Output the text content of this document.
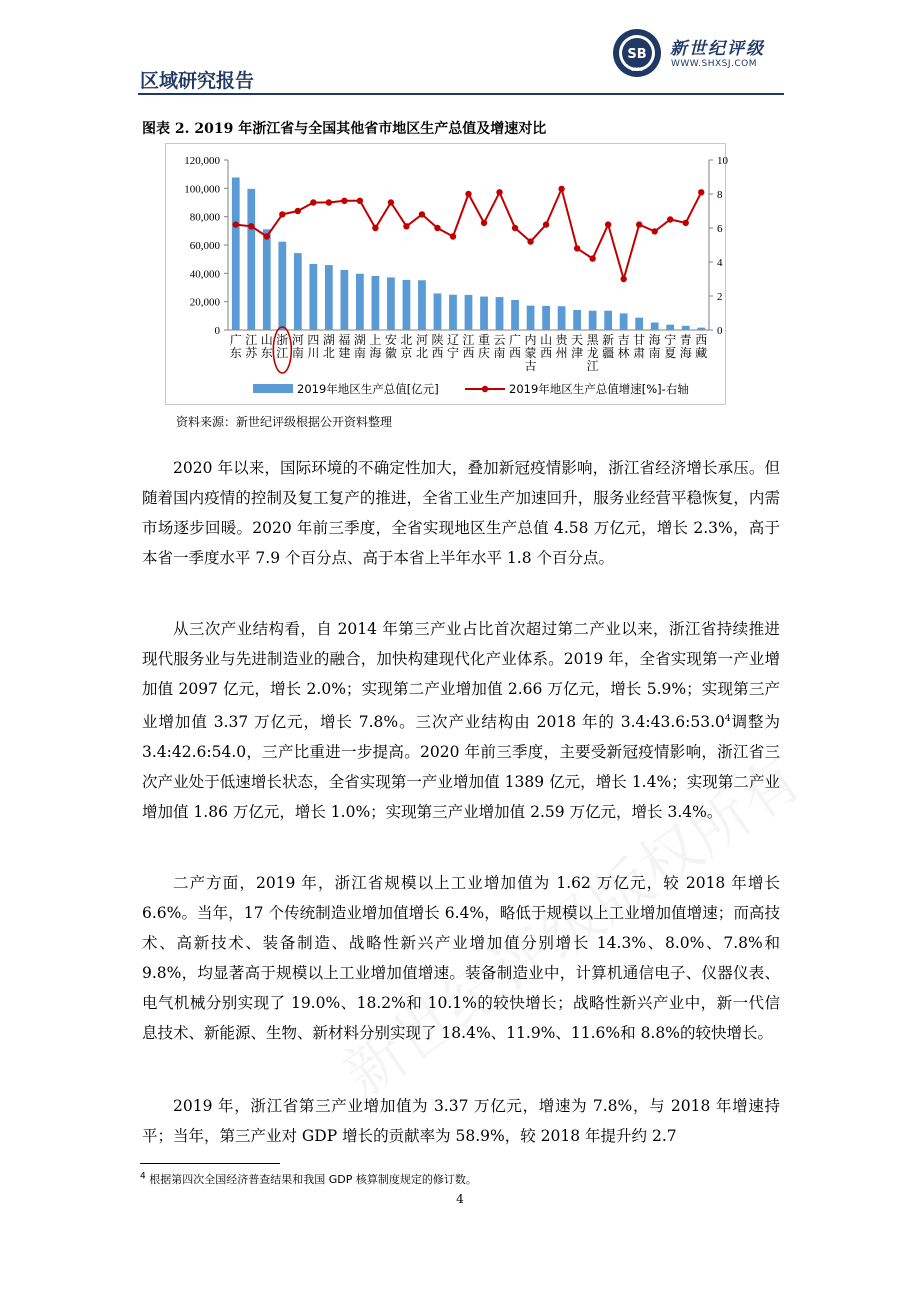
区域研究报告
SB
1992
新世纪评级
WWW.SHXSJ.COM
图表 2. 2019 年浙江省与全国其他省市地区生产总值及增速对比
0
20,000
40,000
60,000
80,000
100,000
120,000
0
2
4
6
8
10
广
东
江
苏
山
东
浙
江
河
南
四
川
湖
北
福
建
湖
南
上
海
安
徽
北
京
河
北
陕
西
辽
宁
江
西
重
庆
云
南
广
西
内
蒙
古
山
西
贵
州
天
津
黑
龙
江
新
疆
吉
林
甘
肃
海
南
宁
夏
青
海
西
藏
2019年地区生产总值[亿元]	2019年地区生产总值增速[%]-右轴
资料来源：新世纪评级根据公开资料整理
2020 年以来，国际环境的不确定性加大，叠加新冠疫情影响，浙江省经济增长承压。但随着国内疫情的控制及复工复产的推进，全省工业生产加速回升，服务业经营平稳恢复，内需市场逐步回暖。2020 年前三季度，全省实现地区生产总值 4.58 万亿元，增长 2.3%，高于本省一季度水平 7.9 个百分点、高于本省上半年水平 1.8 个百分点。
从三次产业结构看，自 2014 年第三产业占比首次超过第二产业以来，浙江省持续推进现代服务业与先进制造业的融合，加快构建现代化产业体系。2019 年，全省实现第一产业增加值 2097 亿元，增长 2.0%；实现第二产业增加值 2.66 万亿元，增长 5.9%；实现第三产业增加值 3.37 万亿元，增长 7.8%。三次产业结构由 2018 年的 3.4:43.6:53.0$^4$调整为 3.4:42.6:54.0，三产比重进一步提高。2020 年前三季度，主要受新冠疫情影响，浙江省三次产业处于低速增长状态，全省实现第一产业增加值 1389 亿元，增长 1.4%；实现第二产业增加值 1.86 万亿元，增长 1.0%；实现第三产业增加值 2.59 万亿元，增长 3.4%。
二产方面，2019 年，浙江省规模以上工业增加值为 1.62 万亿元，较 2018 年增长 6.6%。当年，17 个传统制造业增加值增长 6.4%，略低于规模以上工业增加值增速；而高技术、高新技术、装备制造、战略性新兴产业增加值分别增长 14.3%、8.0%、7.8%和 9.8%，均显著高于规模以上工业增加值增速。装备制造业中，计算机通信电子、仪器仪表、电气机械分别实现了 19.0%、18.2%和 10.1%的较快增长；战略性新兴产业中，新一代信息技术、新能源、生物、新材料分别实现了 18.4%、11.9%、11.6%和 8.8%的较快增长。
2019 年，浙江省第三产业增加值为 3.37 万亿元，增速为 7.8%，与 2018 年增速持平；当年，第三产业对 GDP 增长的贡献率为 58.9%，较 2018 年提升约 2.7
$^4$ 根据第四次全国经济普查结果和我国 GDP 核算制度规定的修订数。
4
